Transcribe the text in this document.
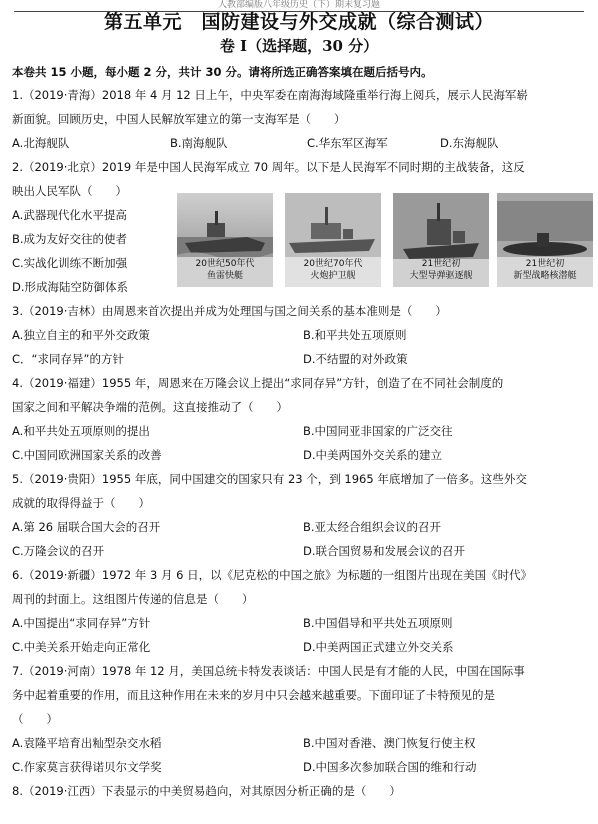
人教部编版八年级历史（下）期末复习题
第五单元　国防建设与外交成就（综合测试）
卷 I（选择题，30 分）
本卷共 15 小题，每小题 2 分，共计 30 分。请将所选正确答案填在题后括号内。
1.（2019·青海）2018 年 4 月 12 日上午，中央军委在南海海域隆重举行海上阅兵，展示人民海军崭
新面貌。回顾历史，中国人民解放军建立的第一支海军是（　　）
A.北海舰队	B.南海舰队	C.华东军区海军	D.东海舰队
2.（2019·北京）2019 年是中国人民海军成立 70 周年。以下是人民海军不同时期的主战装备，这反
映出人民军队（　　）
A.武器现代化水平提高
B.成为友好交往的使者
C.实战化训练不断加强
D.形成海陆空防御体系
20世纪50年代
鱼雷快艇
20世纪70年代
火炮护卫舰
21世纪初
大型导弹驱逐舰
21世纪初
新型战略核潜艇
3.（2019·吉林）由周恩来首次提出并成为处理国与国之间关系的基本准则是（　　）
A.独立自主的和平外交政策	B.和平共处五项原则
C．“求同存异”的方针	D.不结盟的对外政策
4.（2019·福建）1955 年，周恩来在万隆会议上提出“求同存异”方针，创造了在不同社会制度的
国家之间和平解决争端的范例。这直接推动了（　　）
A.和平共处五项原则的提出	B.中国同亚非国家的广泛交往
C.中国同欧洲国家关系的改善	D.中美两国外交关系的建立
5.（2019·贵阳）1955 年底，同中国建交的国家只有 23 个，到 1965 年底增加了一倍多。这些外交
成就的取得得益于（　　）
A.第 26 届联合国大会的召开	B.亚太经合组织会议的召开
C.万隆会议的召开	D.联合国贸易和发展会议的召开
6.（2019·新疆）1972 年 3 月 6 日，以《尼克松的中国之旅》为标题的一组图片出现在美国《时代》
周刊的封面上。这组图片传递的信息是（　　）
A.中国提出“求同存异”方针	B.中国倡导和平共处五项原则
C.中美关系开始走向正常化	D.中美两国正式建立外交关系
7.（2019·河南）1978 年 12 月，美国总统卡特发表谈话：中国人民是有才能的人民，中国在国际事
务中起着重要的作用，而且这种作用在未来的岁月中只会越来越重要。下面印证了卡特预见的是
（　　）
A.袁隆平培育出籼型杂交水稻	B.中国对香港、澳门恢复行使主权
C.作家莫言获得诺贝尔文学奖	D.中国多次参加联合国的维和行动
8.（2019·江西）下表显示的中美贸易趋向，对其原因分析正确的是（　　）
